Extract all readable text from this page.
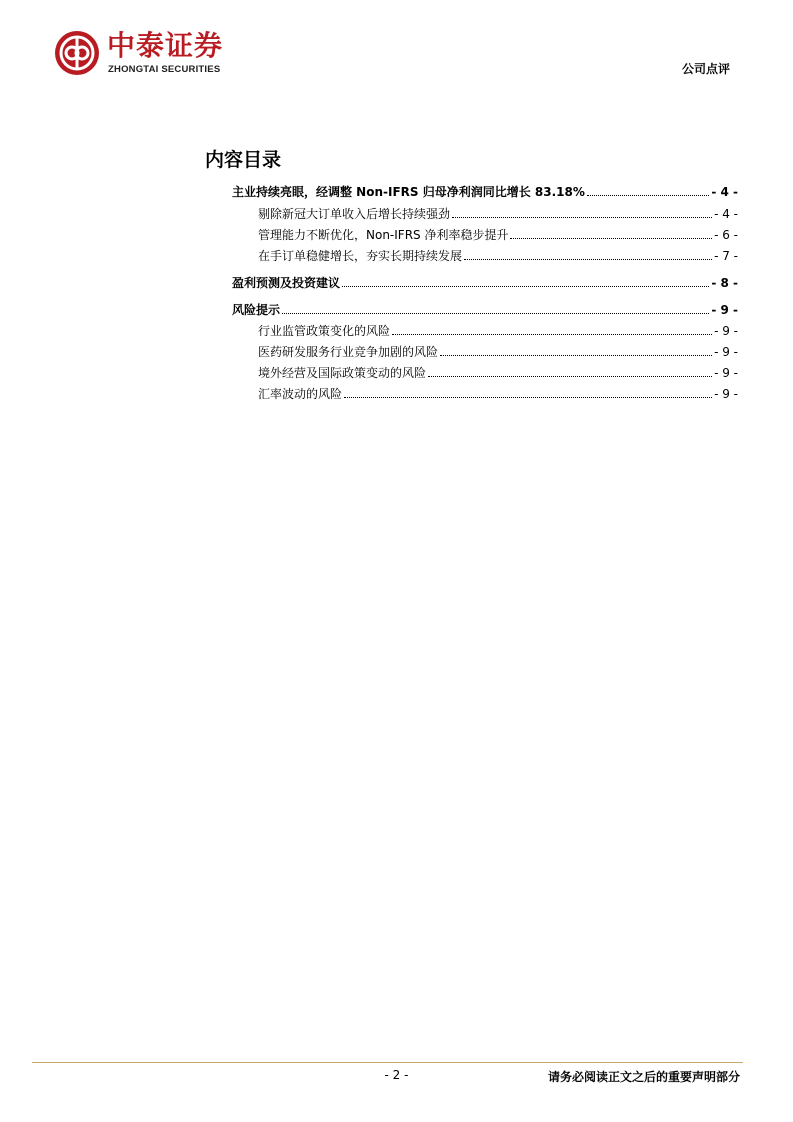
中泰证券
ZHONGTAI SECURITIES	公司点评
内容目录
主业持续亮眼，经调整 Non-IFRS 归母净利润同比增长 83.18%	- 4 -
剔除新冠大订单收入后增长持续强劲	- 4 -
管理能力不断优化，Non-IFRS 净利率稳步提升	- 6 -
在手订单稳健增长，夯实长期持续发展	- 7 -
盈利预测及投资建议	- 8 -
风险提示	- 9 -
行业监管政策变化的风险	- 9 -
医药研发服务行业竞争加剧的风险	- 9 -
境外经营及国际政策变动的风险	- 9 -
汇率波动的风险	- 9 -
- 2 -	请务必阅读正文之后的重要声明部分
